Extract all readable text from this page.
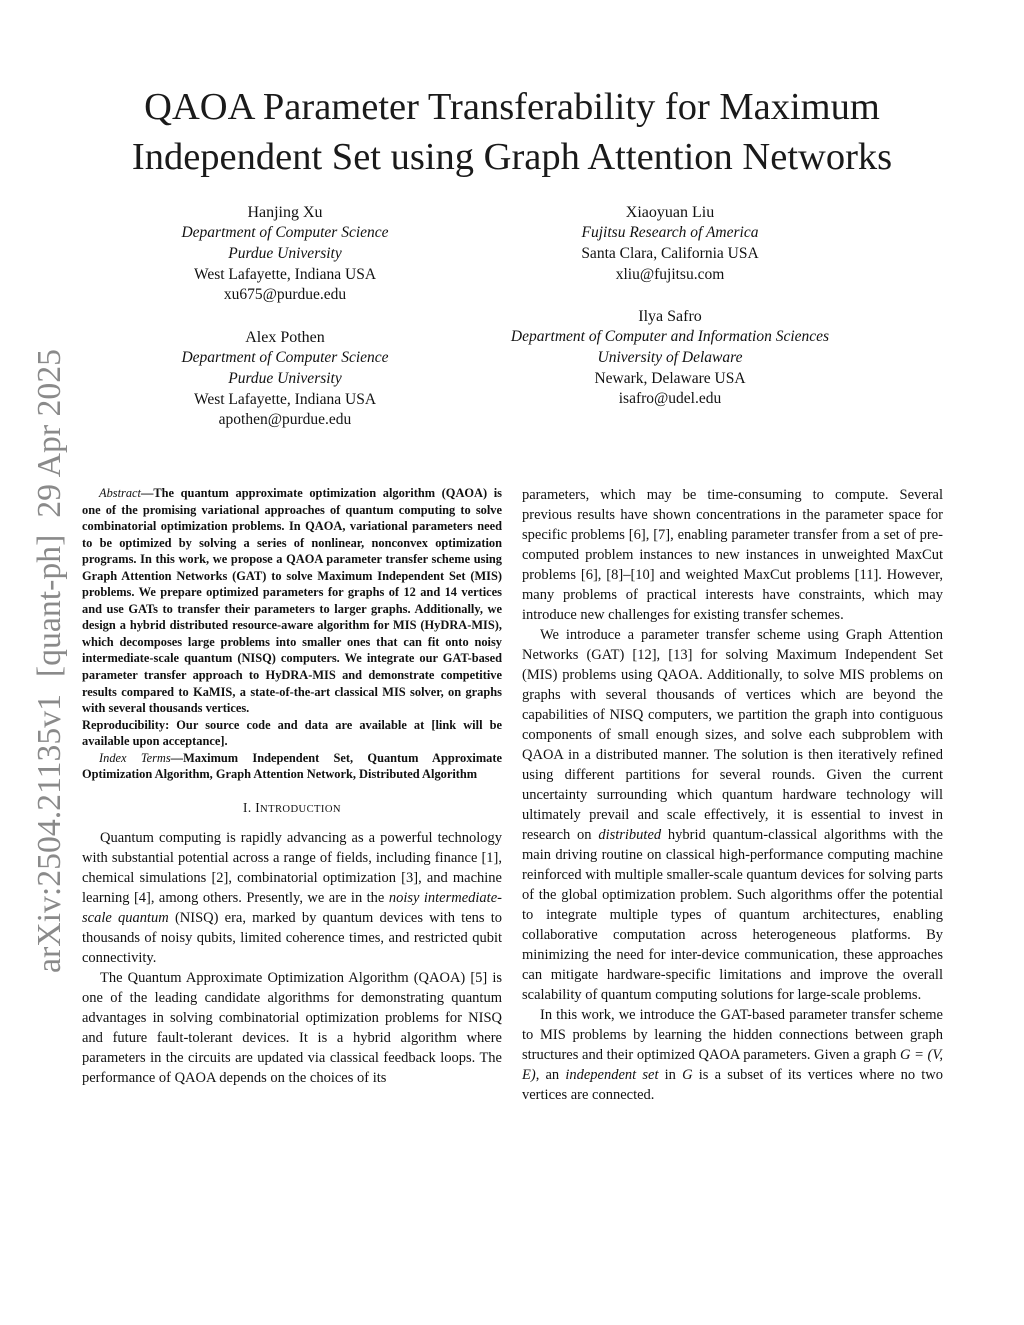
arXiv:2504.21135v1  [quant-ph]  29 Apr 2025
QAOA Parameter Transferability for Maximum
Independent Set using Graph Attention Networks
Hanjing Xu
Department of Computer Science
Purdue University
West Lafayette, Indiana USA
xu675@purdue.edu
Xiaoyuan Liu
Fujitsu Research of America
Santa Clara, California USA
xliu@fujitsu.com
Alex Pothen
Department of Computer Science
Purdue University
West Lafayette, Indiana USA
apothen@purdue.edu
Ilya Safro
Department of Computer and Information Sciences
University of Delaware
Newark, Delaware USA
isafro@udel.edu

Abstract—The quantum approximate optimization algorithm (QAOA) is one of the promising variational approaches of quantum computing to solve combinatorial optimization problems. In QAOA, variational parameters need to be optimized by solving a series of nonlinear, nonconvex optimization programs. In this work, we propose a QAOA parameter transfer scheme using Graph Attention Networks (GAT) to solve Maximum Independent Set (MIS) problems. We prepare optimized parameters for graphs of 12 and 14 vertices and use GATs to transfer their parameters to larger graphs. Additionally, we design a hybrid distributed resource-aware algorithm for MIS (HyDRA-MIS), which decomposes large problems into smaller ones that can fit onto noisy intermediate-scale quantum (NISQ) computers. We integrate our GAT-based parameter transfer approach to HyDRA-MIS and demonstrate competitive results compared to KaMIS, a state-of-the-art classical MIS solver, on graphs with several thousands vertices.

Reproducibility: Our source code and data are available at [link will be available upon acceptance].

Index Terms—Maximum Independent Set, Quantum Approximate Optimization Algorithm, Graph Attention Network, Distributed Algorithm

I. INTRODUCTION

Quantum computing is rapidly advancing as a powerful technology with substantial potential across a range of fields, including finance [1], chemical simulations [2], combinatorial optimization [3], and machine learning [4], among others. Presently, we are in the noisy intermediate-scale quantum (NISQ) era, marked by quantum devices with tens to thousands of noisy qubits, limited coherence times, and restricted qubit connectivity.

The Quantum Approximate Optimization Algorithm (QAOA) [5] is one of the leading candidate algorithms for demonstrating quantum advantages in solving combinatorial optimization problems for NISQ and future fault-tolerant devices. It is a hybrid algorithm where parameters in the circuits are updated via classical feedback loops. The performance of QAOA depends on the choices of its

parameters, which may be time-consuming to compute. Several previous results have shown concentrations in the parameter space for specific problems [6], [7], enabling parameter transfer from a set of pre-computed problem instances to new instances in unweighted MaxCut problems [6], [8]–[10] and weighted MaxCut problems [11]. However, many problems of practical interests have constraints, which may introduce new challenges for existing transfer schemes.

We introduce a parameter transfer scheme using Graph Attention Networks (GAT) [12], [13] for solving Maximum Independent Set (MIS) problems using QAOA. Additionally, to solve MIS problems on graphs with several thousands of vertices which are beyond the capabilities of NISQ computers, we partition the graph into contiguous components of small enough sizes, and solve each subproblem with QAOA in a distributed manner. The solution is then iteratively refined using different partitions for several rounds. Given the current uncertainty surrounding which quantum hardware technology will ultimately prevail and scale effectively, it is essential to invest in research on distributed hybrid quantum-classical algorithms with the main driving routine on classical high-performance computing machine reinforced with multiple smaller-scale quantum devices for solving parts of the global optimization problem. Such algorithms offer the potential to integrate multiple types of quantum architectures, enabling collaborative computation across heterogeneous platforms. By minimizing the need for inter-device communication, these approaches can mitigate hardware-specific limitations and improve the overall scalability of quantum computing solutions for large-scale problems.

In this work, we introduce the GAT-based parameter transfer scheme to MIS problems by learning the hidden connections between graph structures and their optimized QAOA parameters. Given a graph G = (V, E), an independent set in G is a subset of its vertices where no two vertices are connected.
